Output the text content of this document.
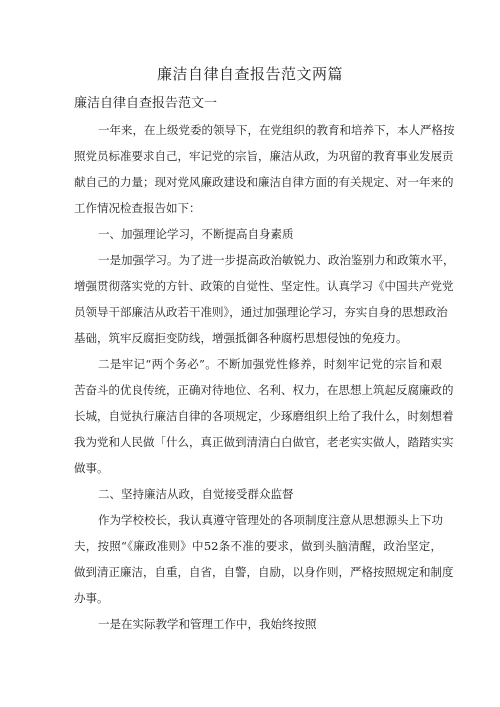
廉洁自律自查报告范文两篇
廉洁自律自查报告范文一
一年来，在上级党委的领导下，在党组织的教育和培养下，本人严格按
照党员标准要求自己，牢记党的宗旨，廉洁从政，为巩留的教育事业发展贡
献自己的力量；现对党风廉政建设和廉洁自律方面的有关规定、对一年来的
工作情况检查报告如下：
一、加强理论学习，不断提高自身素质
一是加强学习。为了进一步提高政治敏锐力、政治鉴别力和政策水平，
增强贯彻落实党的方针、政策的自觉性、坚定性。认真学习《中国共产党党
员领导干部廉洁从政若干准则》，通过加强理论学习，夯实自身的思想政治
基础，筑牢反腐拒变防线，增强抵御各种腐朽思想侵蚀的免疫力。
二是牢记“两个务必”。不断加强党性修养，时刻牢记党的宗旨和艰
苦奋斗的优良传统，正确对待地位、名利、权力，在思想上筑起反腐廉政的
长城，自觉执行廉洁自律的各项规定，少琢磨组织上给了我什么，时刻想着
我为党和人民做「什么，真正做到清清白白做官，老老实实做人，踏踏实实
做事。
二、坚持廉洁从政，自觉接受群众监督
作为学校校长，我认真遵守管理处的各项制度注意从思想源头上下功
夫，按照“《廉政准则》中52条不准的要求，做到头脑清醒，政治坚定，
做到清正廉洁，自重，自省，自警，自励，以身作则，严格按照规定和制度
办事。
一是在实际教学和管理工作中，我始终按照
